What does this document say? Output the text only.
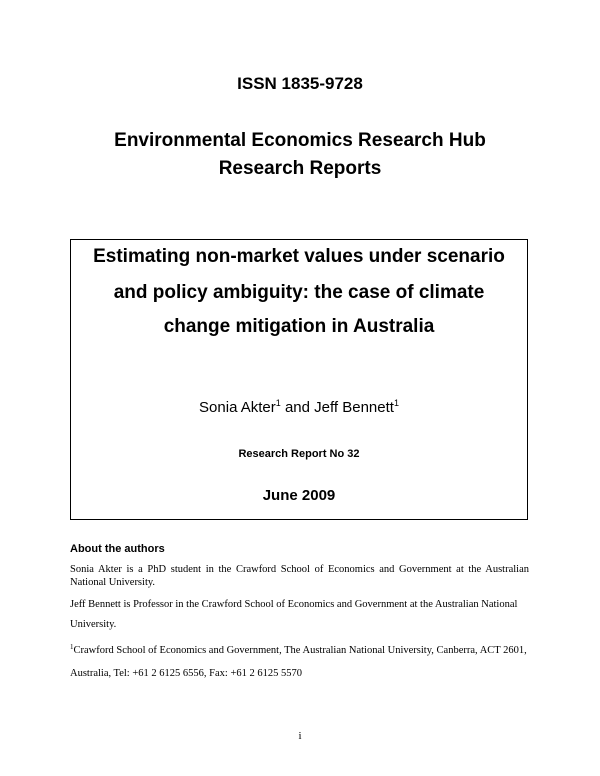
ISSN 1835-9728
Environmental Economics Research Hub
Research Reports
Estimating non-market values under scenario
and policy ambiguity: the case of climate
change mitigation in Australia
Sonia Akter$^1$ and Jeff Bennett$^1$
Research Report No 32
June 2009
About the authors
Sonia Akter is a PhD student in the Crawford School of Economics and Government at the Australian National University.
Jeff Bennett is Professor in the Crawford School of Economics and Government at the Australian National University.
$^1$Crawford School of Economics and Government, The Australian National University, Canberra, ACT 2601, Australia, Tel: +61 2 6125 6556, Fax: +61 2 6125 5570
i
